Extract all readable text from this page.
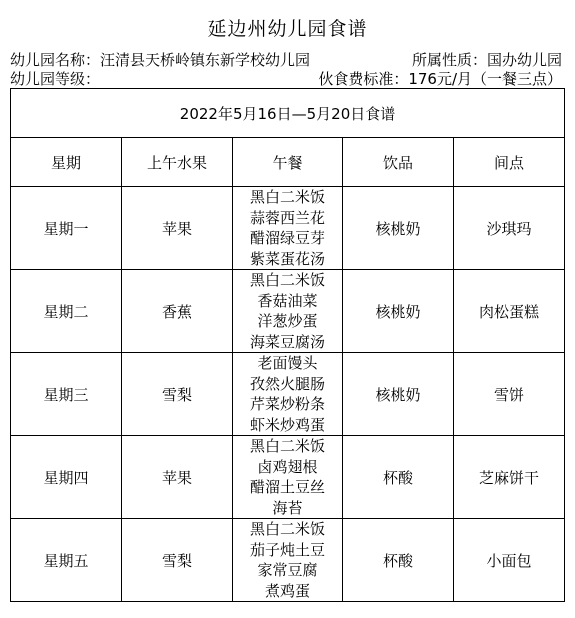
延边州幼儿园食谱
幼儿园名称：汪清县天桥岭镇东新学校幼儿园	所属性质：国办幼儿园
幼儿园等级：	伙食费标准：176元/月（一餐三点）
2022年5月16日—5月20日食谱				
星期	上午水果	午餐	饮品	间点
星期一	苹果	黑白二米饭
蒜蓉西兰花
醋溜绿豆芽
紫菜蛋花汤	核桃奶	沙琪玛
星期二	香蕉	黑白二米饭
香菇油菜
洋葱炒蛋
海菜豆腐汤	核桃奶	肉松蛋糕
星期三	雪梨	老面馒头
孜然火腿肠
芹菜炒粉条
虾米炒鸡蛋	核桃奶	雪饼
星期四	苹果	黑白二米饭
卤鸡翅根
醋溜土豆丝
海苔	杯酸	芝麻饼干
星期五	雪梨	黑白二米饭
茄子炖土豆
家常豆腐
煮鸡蛋	杯酸	小面包
